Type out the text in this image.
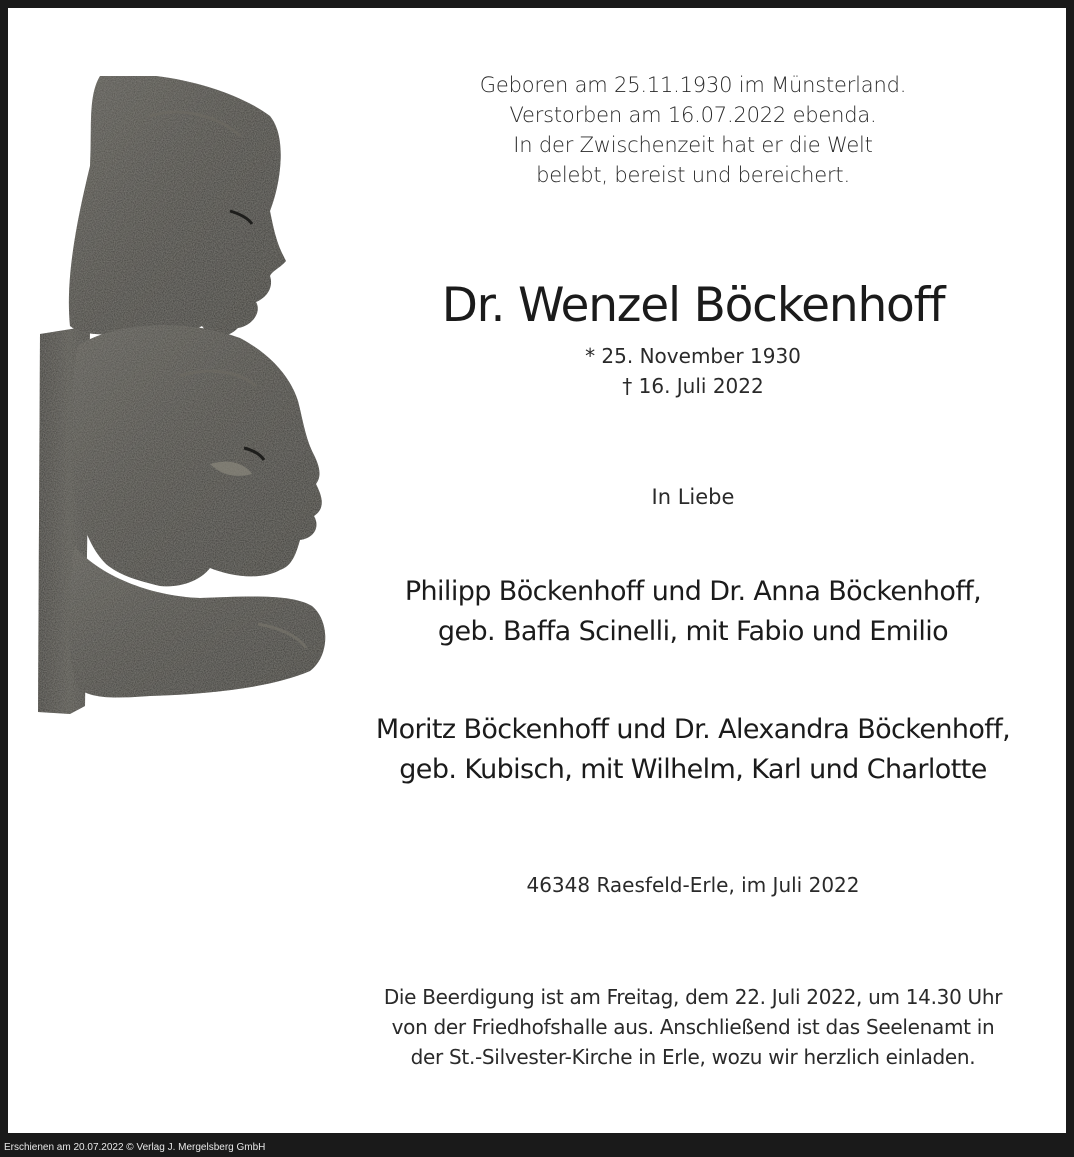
Geboren am 25.11.1930 im Münsterland.
Verstorben am 16.07.2022 ebenda.
In der Zwischenzeit hat er die Welt
belebt, bereist und bereichert.
Dr. Wenzel Böckenhoff
* 25. November 1930
† 16. Juli 2022
In Liebe
Philipp Böckenhoff und Dr. Anna Böckenhoff,
geb. Baffa Scinelli, mit Fabio und Emilio
Moritz Böckenhoff und Dr. Alexandra Böckenhoff,
geb. Kubisch, mit Wilhelm, Karl und Charlotte
46348 Raesfeld-Erle, im Juli 2022
Die Beerdigung ist am Freitag, dem 22. Juli 2022, um 14.30 Uhr
von der Friedhofshalle aus. Anschließend ist das Seelenamt in
der St.-Silvester-Kirche in Erle, wozu wir herzlich einladen.
Erschienen am 20.07.2022 © Verlag J. Mergelsberg GmbH
